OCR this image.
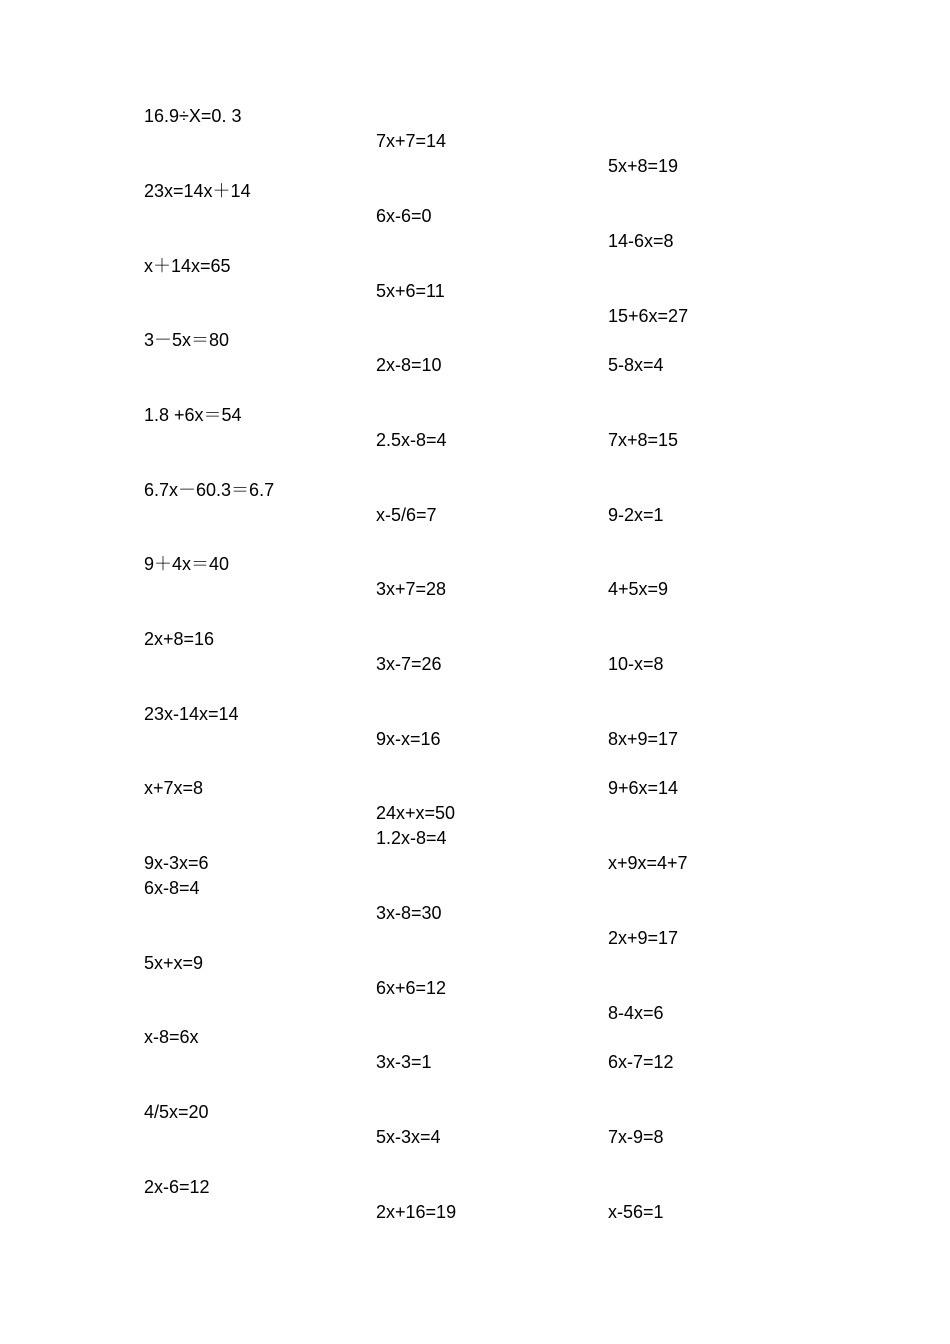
16.9÷X=0. 3

23x=14x＋14

x＋14x=65

3－5x＝80

1.8 +6x＝54

6.7x－60.3＝6.7

9＋4x＝40

2x+8=16

23x-14x=14

x+7x=8

9x-3x=6

6x-8=4

5x+x=9

x-8=6x

4/5x=20

2x-6=12

7x+7=14

6x-6=0

5x+6=11

2x-8=10

2.5x-8=4

x-5/6=7

3x+7=28

3x-7=26

9x-x=16

24x+x=50

1.2x-8=4

3x-8=30

6x+6=12

3x-3=1

5x-3x=4

2x+16=19

5x+8=19

14-6x=8

15+6x=27

5-8x=4

7x+8=15

9-2x=1

4+5x=9

10-x=8

8x+9=17

9+6x=14

x+9x=4+7

2x+9=17

8-4x=6

6x-7=12

7x-9=8

x-56=1
